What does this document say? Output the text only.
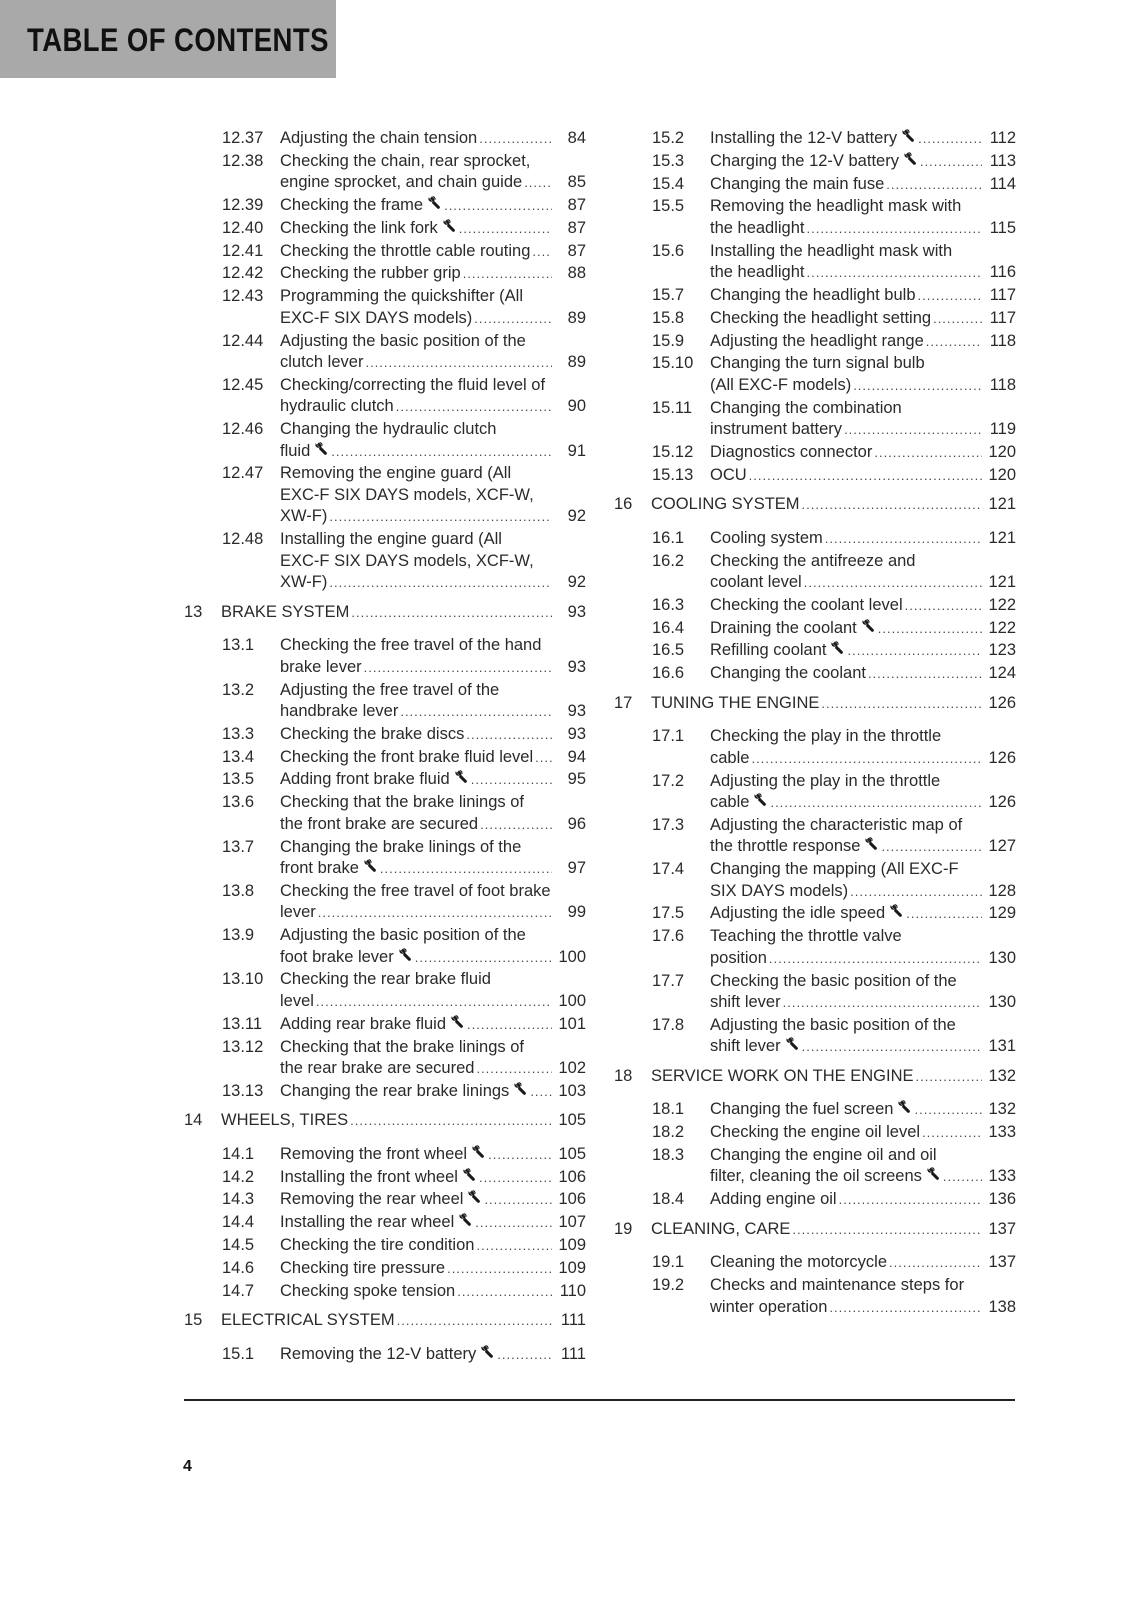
TABLE OF CONTENTS
12.37 Adjusting the chain tension .....	84
12.38 Checking the chain, rear sprocket,
engine sprocket, and chain guide .....	85
12.39 Checking the frame .....	87
12.40 Checking the link fork .....	87
12.41 Checking the throttle cable routing .....	87
12.42 Checking the rubber grip .....	88
12.43 Programming the quickshifter (All
EXC-F SIX DAYS models) .....	89
12.44 Adjusting the basic position of the
clutch lever .....	89
12.45 Checking/correcting the fluid level of
hydraulic clutch .....	90
12.46 Changing the hydraulic clutch
fluid .....	91
12.47 Removing the engine guard (All
EXC-F SIX DAYS models, XCF-W,
XW-F) .....	92
12.48 Installing the engine guard (All
EXC-F SIX DAYS models, XCF-W,
XW-F) .....	92
13 BRAKE SYSTEM .....	93
13.1 Checking the free travel of the hand
brake lever .....	93
13.2 Adjusting the free travel of the
handbrake lever .....	93
13.3 Checking the brake discs .....	93
13.4 Checking the front brake fluid level .....	94
13.5 Adding front brake fluid .....	95
13.6 Checking that the brake linings of
the front brake are secured .....	96
13.7 Changing the brake linings of the
front brake .....	97
13.8 Checking the free travel of foot brake
lever .....	99
13.9 Adjusting the basic position of the
foot brake lever .....	100
13.10 Checking the rear brake fluid
level .....	100
13.11 Adding rear brake fluid .....	101
13.12 Checking that the brake linings of
the rear brake are secured .....	102
13.13 Changing the rear brake linings .....	103
14 WHEELS, TIRES .....	105
14.1 Removing the front wheel .....	105
14.2 Installing the front wheel .....	106
14.3 Removing the rear wheel .....	106
14.4 Installing the rear wheel .....	107
14.5 Checking the tire condition .....	109
14.6 Checking tire pressure .....	109
14.7 Checking spoke tension .....	110
15 ELECTRICAL SYSTEM .....	111
15.1 Removing the 12-V battery .....	111
15.2 Installing the 12-V battery .....	112
15.3 Charging the 12-V battery .....	113
15.4 Changing the main fuse .....	114
15.5 Removing the headlight mask with
the headlight .....	115
15.6 Installing the headlight mask with
the headlight .....	116
15.7 Changing the headlight bulb .....	117
15.8 Checking the headlight setting .....	117
15.9 Adjusting the headlight range .....	118
15.10 Changing the turn signal bulb
(All EXC-F models) .....	118
15.11 Changing the combination
instrument battery .....	119
15.12 Diagnostics connector .....	120
15.13 OCU .....	120
16 COOLING SYSTEM .....	121
16.1 Cooling system .....	121
16.2 Checking the antifreeze and
coolant level .....	121
16.3 Checking the coolant level .....	122
16.4 Draining the coolant .....	122
16.5 Refilling coolant .....	123
16.6 Changing the coolant .....	124
17 TUNING THE ENGINE .....	126
17.1 Checking the play in the throttle
cable .....	126
17.2 Adjusting the play in the throttle
cable .....	126
17.3 Adjusting the characteristic map of
the throttle response .....	127
17.4 Changing the mapping (All EXC-F
SIX DAYS models) .....	128
17.5 Adjusting the idle speed .....	129
17.6 Teaching the throttle valve
position .....	130
17.7 Checking the basic position of the
shift lever .....	130
17.8 Adjusting the basic position of the
shift lever .....	131
18 SERVICE WORK ON THE ENGINE .....	132
18.1 Changing the fuel screen .....	132
18.2 Checking the engine oil level .....	133
18.3 Changing the engine oil and oil
filter, cleaning the oil screens .....	133
18.4 Adding engine oil .....	136
19 CLEANING, CARE .....	137
19.1 Cleaning the motorcycle .....	137
19.2 Checks and maintenance steps for
winter operation .....	138
4
